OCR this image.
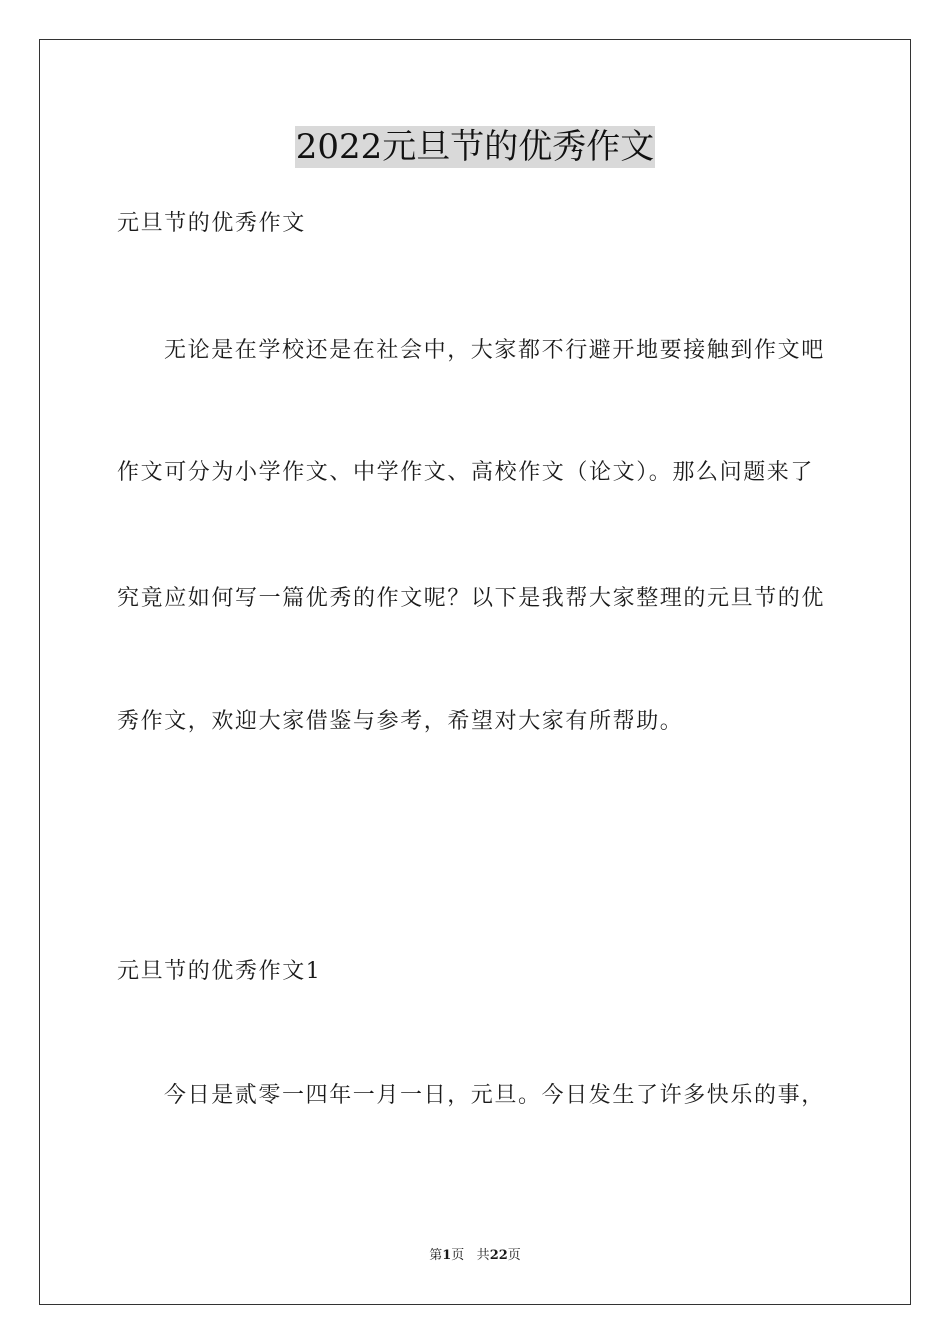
2022元旦节的优秀作文
元旦节的优秀作文
无论是在学校还是在社会中，大家都不行避开地要接触到作文吧
作文可分为小学作文、中学作文、高校作文（论文）。那么问题来了
究竟应如何写一篇优秀的作文呢？以下是我帮大家整理的元旦节的优
秀作文，欢迎大家借鉴与参考，希望对大家有所帮助。
元旦节的优秀作文1
今日是贰零一四年一月一日，元旦。今日发生了许多快乐的事，
第1页 共22页
